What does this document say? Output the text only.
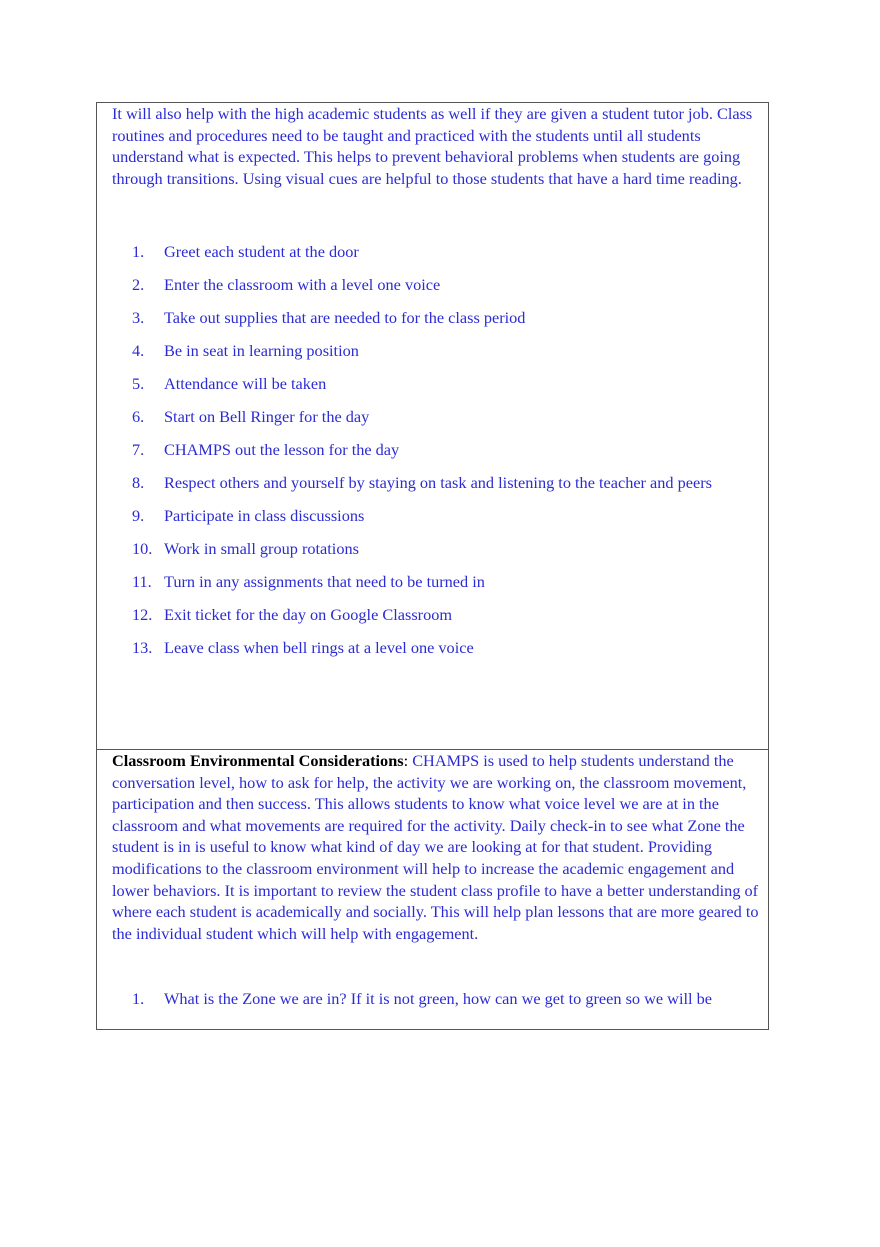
It will also help with the high academic students as well if they are given a student tutor job. Class routines and procedures need to be taught and practiced with the students until all students understand what is expected. This helps to prevent behavioral problems when students are going through transitions. Using visual cues are helpful to those students that have a hard time reading.

1.	Greet each student at the door
2.	Enter the classroom with a level one voice
3.	Take out supplies that are needed to for the class period
4.	Be in seat in learning position
5.	Attendance will be taken
6.	Start on Bell Ringer for the day
7.	CHAMPS out the lesson for the day
8.	Respect others and yourself by staying on task and listening to the teacher and peers
9.	Participate in class discussions
10. Work in small group rotations
11. Turn in any assignments that need to be turned in
12. Exit ticket for the day on Google Classroom
13. Leave class when bell rings at a level one voice

Classroom Environmental Considerations: CHAMPS is used to help students understand the conversation level, how to ask for help, the activity we are working on, the classroom movement, participation and then success. This allows students to know what voice level we are at in the classroom and what movements are required for the activity. Daily check-in to see what Zone the student is in is useful to know what kind of day we are looking at for that student. Providing modifications to the classroom environment will help to increase the academic engagement and lower behaviors. It is important to review the student class profile to have a better understanding of where each student is academically and socially. This will help plan lessons that are more geared to the individual student which will help with engagement.

1.	What is the Zone we are in? If it is not green, how can we get to green so we will be
